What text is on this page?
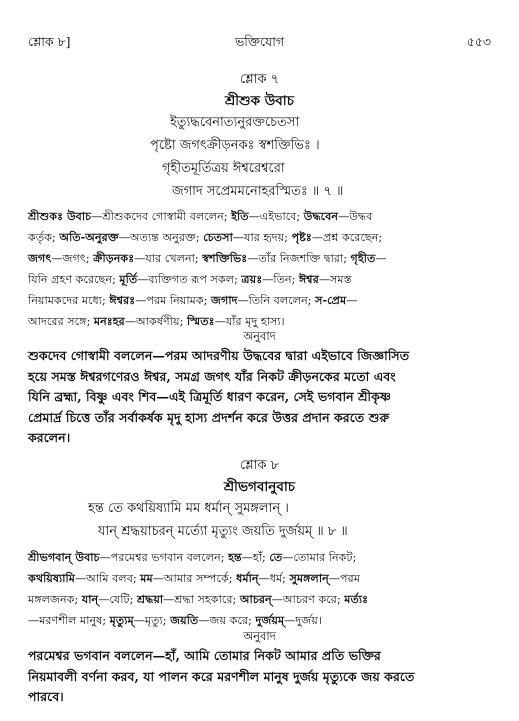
শ্লোক ৮]	ভক্তিযোগ	৫৫৩
শ্লোক ৭
শ্রীশুক উবাচ
ইত্যুদ্ধবেনাত্যনুরক্তচেতসা
পৃষ্টো জগৎক্রীড়নকঃ স্বশক্তিভিঃ ।
গৃহীতমূর্তিত্রয় ঈশ্বরেশ্বরো
জগাদ সপ্রেমমনোহরস্মিতঃ ॥ ৭ ॥
শ্রীশুকঃ উবাচ—শ্রীশুকদেব গোস্বামী বললেন; ইতি—এইভাবে; উদ্ধবেন—উদ্ধব
কর্তৃক; অতি-অনুরক্ত—অত্যন্ত অনুরক্ত; চেতসা—যার হৃদয়; পৃষ্টঃ—প্রশ্ন করেছেন;
জগৎ—জগৎ; ক্রীড়নকঃ—যার খেলনা; স্বশক্তিভিঃ—তাঁর নিজশক্তি দ্বারা; গৃহীত—
যিনি গ্রহণ করেছেন; মূর্তি—ব্যক্তিগত রূপ সকল; ত্রয়ঃ—তিন; ঈশ্বর—সমস্ত
নিয়ামকদের মধ্যে; ঈশ্বরঃ—পরম নিয়ামক; জগাদ—তিনি বললেন; স-প্রেম—
আদরের সঙ্গে; মনঃহর—আকর্ষণীয়; স্মিতঃ—যাঁর মৃদু হাস্য।
অনুবাদ
শুকদেব গোস্বামী বললেন—পরম আদরণীয় উদ্ধবের দ্বারা এইভাবে জিজ্ঞাসিত
হয়ে সমস্ত ঈশ্বরগণেরও ঈশ্বর, সমগ্র জগৎ যাঁর নিকট ক্রীড়নকের মতো এবং
যিনি ব্রহ্মা, বিষ্ণু এবং শিব—এই ত্রিমূর্তি ধারণ করেন, সেই ভগবান শ্রীকৃষ্ণ
প্রেমার্দ্র চিত্তে তাঁর সর্বাকর্ষক মৃদু হাস্য প্রদর্শন করে উত্তর প্রদান করতে শুরু
করলেন।
শ্লোক ৮
শ্রীভগবানুবাচ
হন্ত তে কথয়িষ্যামি মম ধর্মান্ সুমঙ্গলান্ ।
যান্ শ্রদ্ধয়াচরন্ মর্ত্যো মৃত্যুং জয়তি দুর্জয়ম্ ॥ ৮ ॥
শ্রীভগবান্ উবাচ—পরমেশ্বর ভগবান বললেন; হন্ত—হাঁ; তে—তোমার নিকট;
কথয়িষ্যামি—আমি বলব; মম—আমার সম্পর্কে; ধর্মান্—ধর্ম; সুমঙ্গলান্—পরম
মঙ্গলজনক; যান্—যেটি; শ্রদ্ধয়া—শ্রদ্ধা সহকারে; আচরন্—আচরণ করে; মর্ত্যঃ
—মরণশীল মানুষ; মৃত্যুম্—মৃত্যু; জয়তি—জয় করে; দুর্জয়ম্—দুর্জয়।
অনুবাদ
পরমেশ্বর ভগবান বললেন—হাঁ, আমি তোমার নিকট আমার প্রতি ভক্তির
নিয়মাবলী বর্ণনা করব, যা পালন করে মরণশীল মানুষ দুর্জয় মৃত্যুকে জয় করতে
পারবে।
